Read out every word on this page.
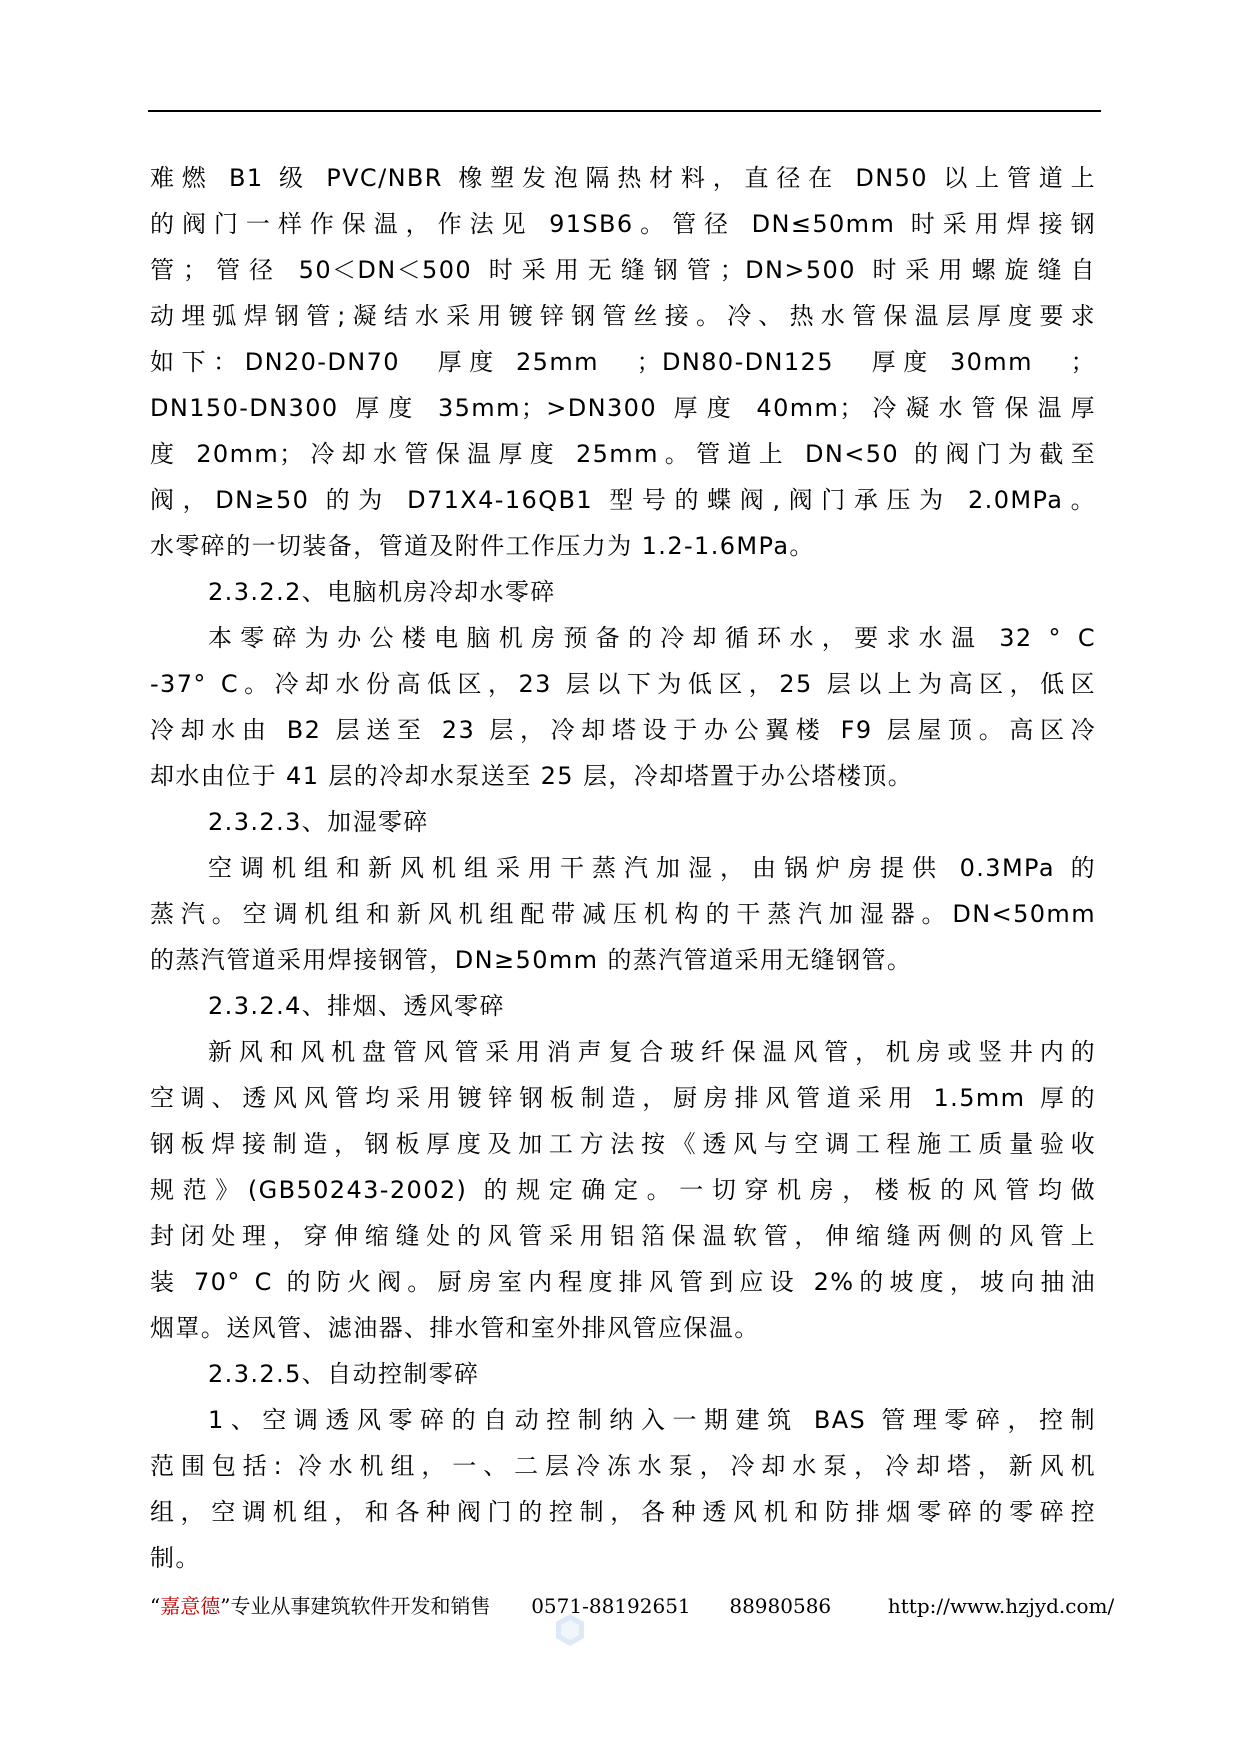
难燃 B1 级 PVC/NBR 橡塑发泡隔热材料，直径在 DN50 以上管道上
的阀门一样作保温，作法见 91SB6。管径 DN≤50mm 时采用焊接钢
管；管径 50＜DN＜500 时采用无缝钢管；DN>500 时采用螺旋缝自
动埋弧焊钢管;凝结水采用镀锌钢管丝接。冷、热水管保温层厚度要求
如下：DN20-DN70　厚度 25mm　；DN80-DN125　厚度 30mm　；
DN150-DN300 厚度 35mm；>DN300 厚度 40mm；冷凝水管保温厚
度 20mm；冷却水管保温厚度 25mm。管道上 DN<50 的阀门为截至
阀，DN≥50 的为 D71X4-16QB1 型号的蝶阀,阀门承压为 2.0MPa。
水零碎的一切装备，管道及附件工作压力为 1.2-1.6MPa。
2.3.2.2、电脑机房冷却水零碎
本零碎为办公楼电脑机房预备的冷却循环水，要求水温 32 ° C
-37° C。冷却水份高低区，23 层以下为低区，25 层以上为高区，低区
冷却水由 B2 层送至 23 层，冷却塔设于办公翼楼 F9 层屋顶。高区冷
却水由位于 41 层的冷却水泵送至 25 层，冷却塔置于办公塔楼顶。
2.3.2.3、加湿零碎
空调机组和新风机组采用干蒸汽加湿，由锅炉房提供 0.3MPa 的
蒸汽。空调机组和新风机组配带减压机构的干蒸汽加湿器。DN<50mm
的蒸汽管道采用焊接钢管，DN≥50mm 的蒸汽管道采用无缝钢管。
2.3.2.4、排烟、透风零碎
新风和风机盘管风管采用消声复合玻纤保温风管，机房或竖井内的
空调、透风风管均采用镀锌钢板制造，厨房排风管道采用 1.5mm 厚的
钢板焊接制造，钢板厚度及加工方法按《透风与空调工程施工质量验收
规范》(GB50243-2002) 的规定确定。一切穿机房，楼板的风管均做
封闭处理，穿伸缩缝处的风管采用铝箔保温软管，伸缩缝两侧的风管上
装 70° C 的防火阀。厨房室内程度排风管到应设 2%的坡度，坡向抽油
烟罩。送风管、滤油器、排水管和室外排风管应保温。
2.3.2.5、自动控制零碎
1、空调透风零碎的自动控制纳入一期建筑 BAS 管理零碎，控制
范围包括: 冷水机组，一、二层冷冻水泵，冷却水泵，冷却塔，新风机
组，空调机组，和各种阀门的控制，各种透风机和防排烟零碎的零碎控
制。
“嘉意德”专业从事建筑软件开发和销售 0571-88192651 88980586	http://www.hzjyd.com/
